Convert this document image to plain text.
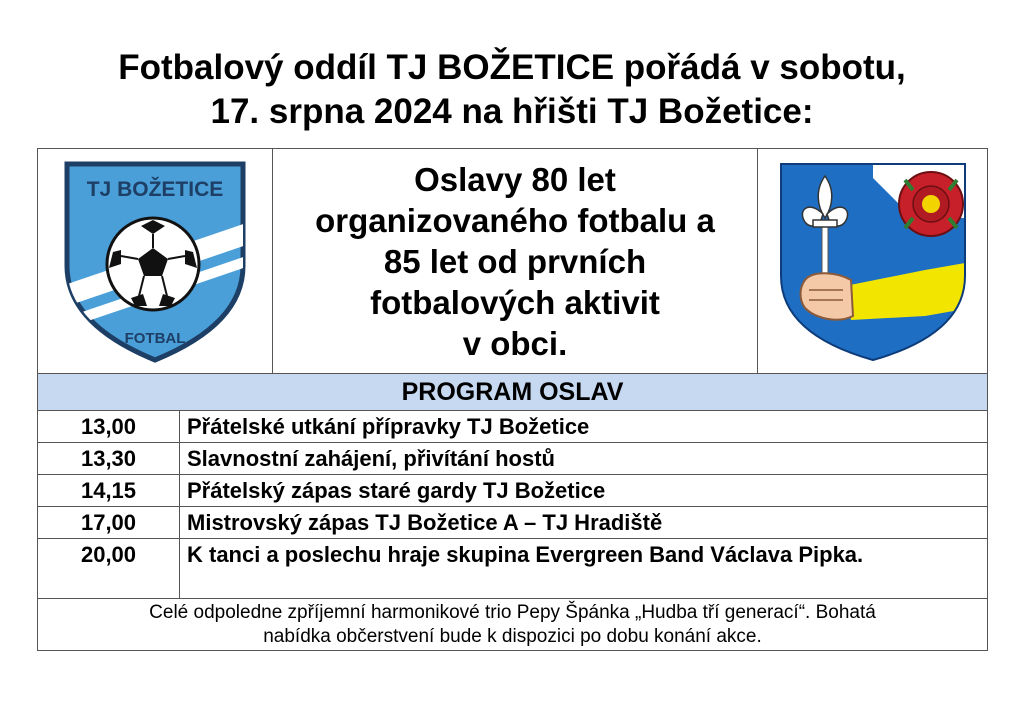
Fotbalový oddíl TJ BOŽETICE pořádá v sobotu,
17. srpna 2024 na hřišti TJ Božetice:
TJ BOŽETICE
FOTBAL
Oslavy 80 let
organizovaného fotbalu a
85 let od prvních
fotbalových aktivit
v obci.
PROGRAM OSLAV
13,00	Přátelské utkání přípravky TJ Božetice
13,30	Slavnostní zahájení, přivítání hostů
14,15	Přátelský zápas staré gardy TJ Božetice
17,00	Mistrovský zápas TJ Božetice A – TJ Hradiště
20,00	K tanci a poslechu hraje skupina Evergreen Band Václava Pipka.
Celé odpoledne zpříjemní harmonikové trio Pepy Špánka „Hudba tří generací“. Bohatá
nabídka občerstvení bude k dispozici po dobu konání akce.
